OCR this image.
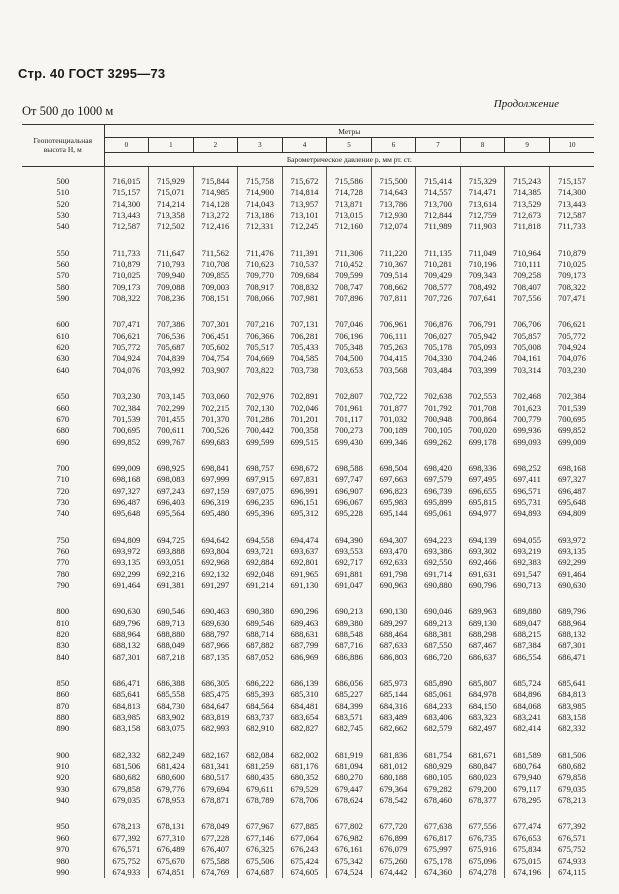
Стр. 40 ГОСТ 3295—73
От 500 до 1000 м	Продолжение
Геопотенциальная высота H, м	Метры										
	0	1	2	3	4	5	6	7	8	9	10
	Барометрическое давление p, мм рт. ст.										

500	716,015	715,929	715,844	715,758	715,672	715,586	715,500	715,414	715,329	715,243	715,157
510	715,157	715,071	714,985	714,900	714,814	714,728	714,643	714,557	714,471	714,385	714,300
520	714,300	714,214	714,128	714,043	713,957	713,871	713,786	713,700	713,614	713,529	713,443
530	713,443	713,358	713,272	713,186	713,101	713,015	712,930	712,844	712,759	712,673	712,587
540	712,587	712,502	712,416	712,331	712,245	712,160	712,074	711,989	711,903	711,818	711,733

550	711,733	711,647	711,562	711,476	711,391	711,306	711,220	711,135	711,049	710,964	710,879
560	710,879	710,793	710,708	710,623	710,537	710,452	710,367	710,281	710,196	710,111	710,025
570	710,025	709,940	709,855	709,770	709,684	709,599	709,514	709,429	709,343	709,258	709,173
580	709,173	709,088	709,003	708,917	708,832	708,747	708,662	708,577	708,492	708,407	708,322
590	708,322	708,236	708,151	708,066	707,981	707,896	707,811	707,726	707,641	707,556	707,471

600	707,471	707,386	707,301	707,216	707,131	707,046	706,961	706,876	706,791	706,706	706,621
610	706,621	706,536	706,451	706,366	706,281	706,196	706,111	706,027	705,942	705,857	705,772
620	705,772	705,687	705,602	705,517	705,433	705,348	705,263	705,178	705,093	705,008	704,924
630	704,924	704,839	704,754	704,669	704,585	704,500	704,415	704,330	704,246	704,161	704,076
640	704,076	703,992	703,907	703,822	703,738	703,653	703,568	703,484	703,399	703,314	703,230

650	703,230	703,145	703,060	702,976	702,891	702,807	702,722	702,638	702,553	702,468	702,384
660	702,384	702,299	702,215	702,130	702,046	701,961	701,877	701,792	701,708	701,623	701,539
670	701,539	701,455	701,370	701,286	701,201	701,117	701,032	700,948	700,864	700,779	700,695
680	700,695	700,611	700,526	700,442	700,358	700,273	700,189	700,105	700,020	699,936	699,852
690	699,852	699,767	699,683	699,599	699,515	699,430	699,346	699,262	699,178	699,093	699,009

700	699,009	698,925	698,841	698,757	698,672	698,588	698,504	698,420	698,336	698,252	698,168
710	698,168	698,083	697,999	697,915	697,831	697,747	697,663	697,579	697,495	697,411	697,327
720	697,327	697,243	697,159	697,075	696,991	696,907	696,823	696,739	696,655	696,571	696,487
730	696,487	696,403	696,319	696,235	696,151	696,067	695,983	695,899	695,815	695,731	695,648
740	695,648	695,564	695,480	695,396	695,312	695,228	695,144	695,061	694,977	694,893	694,809

750	694,809	694,725	694,642	694,558	694,474	694,390	694,307	694,223	694,139	694,055	693,972
760	693,972	693,888	693,804	693,721	693,637	693,553	693,470	693,386	693,302	693,219	693,135
770	693,135	693,051	692,968	692,884	692,801	692,717	692,633	692,550	692,466	692,383	692,299
780	692,299	692,216	692,132	692,048	691,965	691,881	691,798	691,714	691,631	691,547	691,464
790	691,464	691,381	691,297	691,214	691,130	691,047	690,963	690,880	690,796	690,713	690,630

800	690,630	690,546	690,463	690,380	690,296	690,213	690,130	690,046	689,963	689,880	689,796
810	689,796	689,713	689,630	689,546	689,463	689,380	689,297	689,213	689,130	689,047	688,964
820	688,964	688,880	688,797	688,714	688,631	688,548	688,464	688,381	688,298	688,215	688,132
830	688,132	688,049	687,966	687,882	687,799	687,716	687,633	687,550	687,467	687,384	687,301
840	687,301	687,218	687,135	687,052	686,969	686,886	686,803	686,720	686,637	686,554	686,471

850	686,471	686,388	686,305	686,222	686,139	686,056	685,973	685,890	685,807	685,724	685,641
860	685,641	685,558	685,475	685,393	685,310	685,227	685,144	685,061	684,978	684,896	684,813
870	684,813	684,730	684,647	684,564	684,481	684,399	684,316	684,233	684,150	684,068	683,985
880	683,985	683,902	683,819	683,737	683,654	683,571	683,489	683,406	683,323	683,241	683,158
890	683,158	683,075	682,993	682,910	682,827	682,745	682,662	682,579	682,497	682,414	682,332

900	682,332	682,249	682,167	682,084	682,002	681,919	681,836	681,754	681,671	681,589	681,506
910	681,506	681,424	681,341	681,259	681,176	681,094	681,012	680,929	680,847	680,764	680,682
920	680,682	680,600	680,517	680,435	680,352	680,270	680,188	680,105	680,023	679,940	679,858
930	679,858	679,776	679,694	679,611	679,529	679,447	679,364	679,282	679,200	679,117	679,035
940	679,035	678,953	678,871	678,789	678,706	678,624	678,542	678,460	678,377	678,295	678,213

950	678,213	678,131	678,049	677,967	677,885	677,802	677,720	677,638	677,556	677,474	677,392
960	677,392	677,310	677,228	677,146	677,064	676,982	676,899	676,817	676,735	676,653	676,571
970	676,571	676,489	676,407	676,325	676,243	676,161	676,079	675,997	675,916	675,834	675,752
980	675,752	675,670	675,588	675,506	675,424	675,342	675,260	675,178	675,096	675,015	674,933
990	674,933	674,851	674,769	674,687	674,605	674,524	674,442	674,360	674,278	674,196	674,115
